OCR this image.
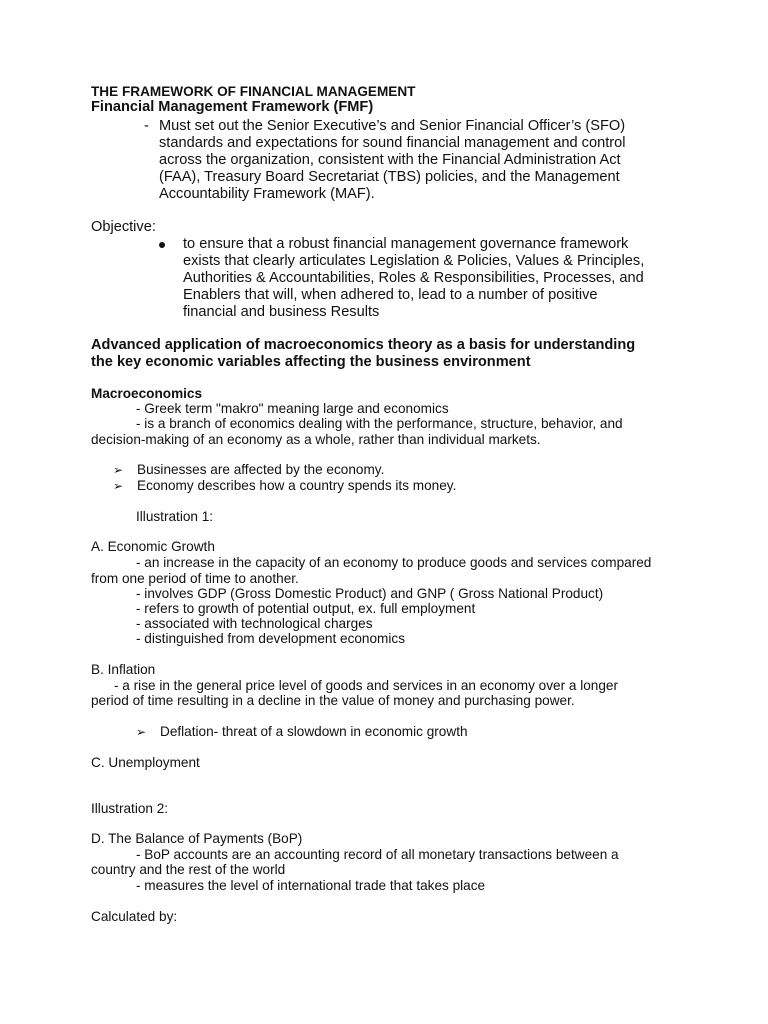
THE FRAMEWORK OF FINANCIAL MANAGEMENT
Financial Management Framework (FMF)
- Must set out the Senior Executive’s and Senior Financial Officer’s (SFO)
standards and expectations for sound financial management and control
across the organization, consistent with the Financial Administration Act
(FAA), Treasury Board Secretariat (TBS) policies, and the Management
Accountability Framework (MAF).
Objective:
to ensure that a robust financial management governance framework
exists that clearly articulates Legislation & Policies, Values & Principles,
Authorities & Accountabilities, Roles & Responsibilities, Processes, and
Enablers that will, when adhered to, lead to a number of positive
financial and business Results
Advanced application of macroeconomics theory as a basis for understanding
the key economic variables affecting the business environment
Macroeconomics
- Greek term "makro" meaning large and economics
- is a branch of economics dealing with the performance, structure, behavior, and
decision-making of an economy as a whole, rather than individual markets.
➢ Businesses are affected by the economy.
➢ Economy describes how a country spends its money.
Illustration 1:
A. Economic Growth
- an increase in the capacity of an economy to produce goods and services compared
from one period of time to another.
- involves GDP (Gross Domestic Product) and GNP ( Gross National Product)
- refers to growth of potential output, ex. full employment
- associated with technological charges
- distinguished from development economics
B. Inflation
- a rise in the general price level of goods and services in an economy over a longer
period of time resulting in a decline in the value of money and purchasing power.
➢ Deflation- threat of a slowdown in economic growth
C. Unemployment
Illustration 2:
D. The Balance of Payments (BoP)
- BoP accounts are an accounting record of all monetary transactions between a
country and the rest of the world
- measures the level of international trade that takes place
Calculated by:
